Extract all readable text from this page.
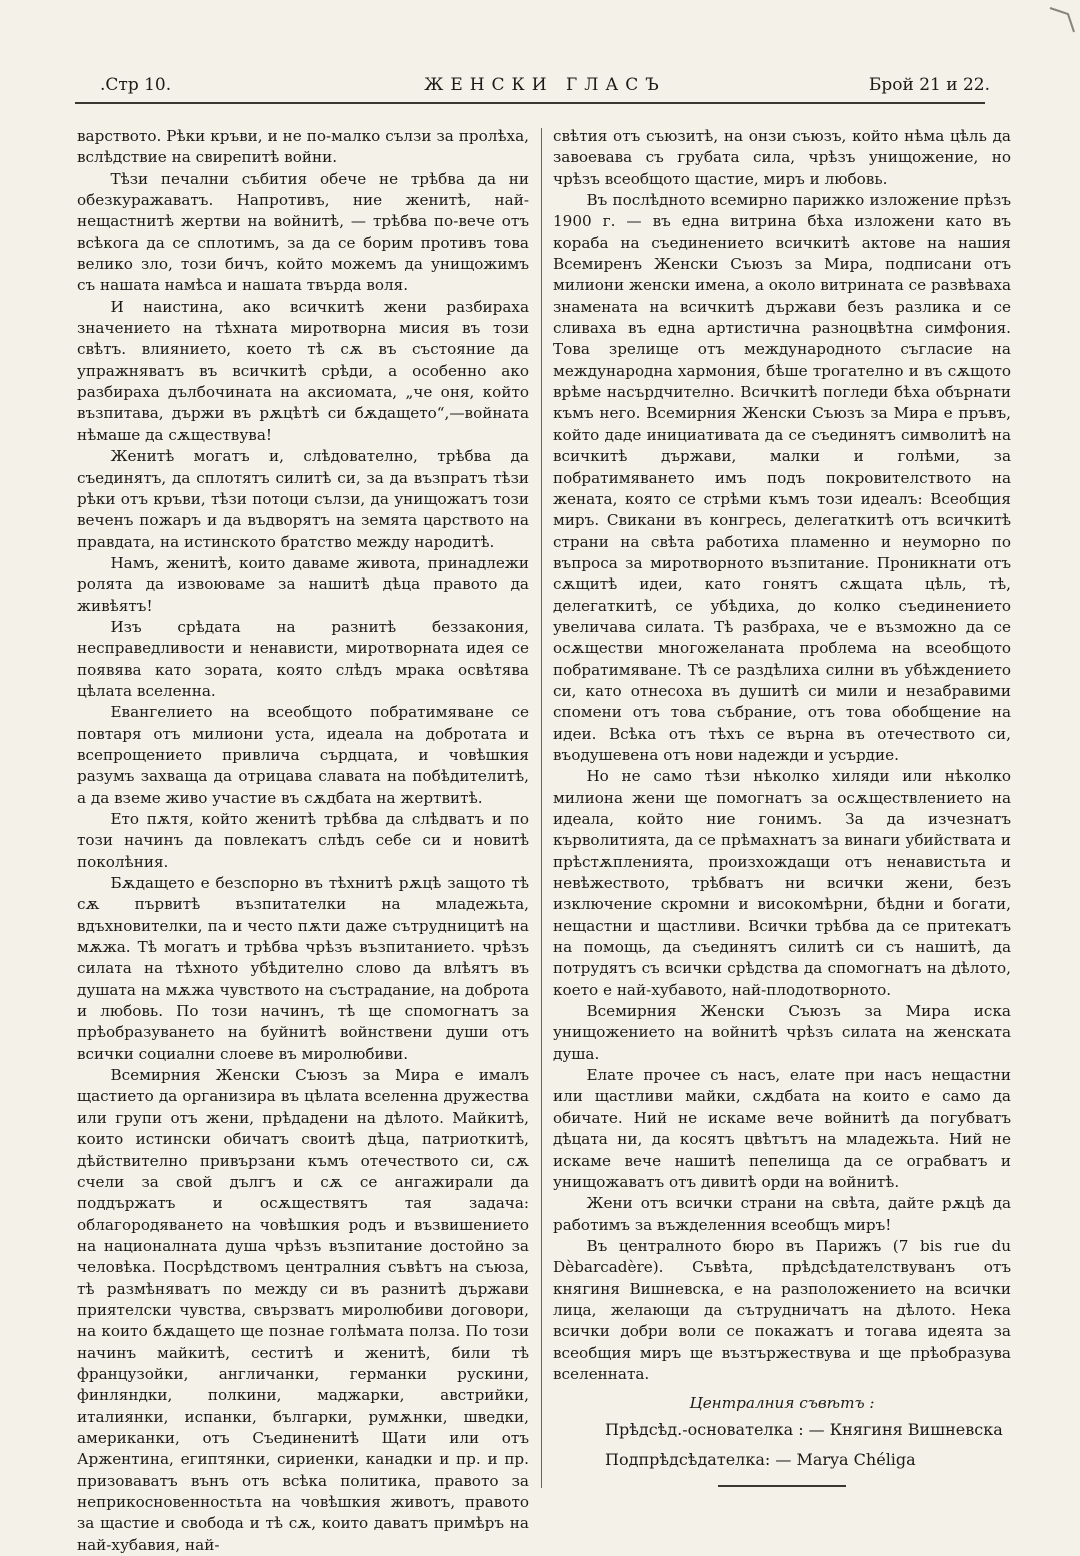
.Стр 10.	ЖЕНСКИ ГЛАСЪ	Брой 21 и 22.

варството. Рѣки кръви, и не по-малко сълзи за пролѣха, вслѣдствие на свирепитѣ войни.

Тѣзи печални събития обече не трѣбва да ни обезкуражаватъ. Напротивъ, ние женитѣ, най-нещастнитѣ жертви на войнитѣ, — трѣбва по-вече отъ всѣкога да се сплотимъ, за да се борим противъ това велико зло, този бичъ, който можемъ да унищожимъ съ нашата намѣса и нашата твърда воля.

И наистина, ако всичкитѣ жени разбираха значението на тѣхната миротворна мисия въ този свѣтъ. влиянието, което тѣ сѫ въ състояние да упражняватъ въ всичкитѣ срѣди, а особенно ако разбираха дълбочината на аксиомата, „че оня, който възпитава, държи въ рѫцѣтѣ си бѫдащето“,—войната нѣмаше да сѫществува!

Женитѣ могатъ и, слѣдователно, трѣбва да съединятъ, да сплотятъ силитѣ си, за да възпратъ тѣзи рѣки отъ кръви, тѣзи потоци сълзи, да унищожатъ този веченъ пожаръ и да въдворятъ на земята царството на правдата, на истинското братство между народитѣ.

Намъ, женитѣ, които даваме живота, принадлежи ролята да извоюваме за нашитѣ дѣца правото да живѣятъ!

Изъ срѣдата на разнитѣ беззакония, несправедливости и ненависти, миротворната идея се появява като зората, която слѣдъ мрака освѣтява цѣлата вселенна.

Евангелието на всеобщото побратимяване се повтаря отъ милиони уста, идеала на добротата и всепрощението привлича сърдцата, и човѣшкия разумъ захваща да отрицава славата на побѣдителитѣ, а да вземе живо участие въ сѫдбата на жертвитѣ.

Ето пѫтя, който женитѣ трѣбва да слѣдватъ и по този начинъ да повлекатъ слѣдъ себе си и новитѣ поколѣния.

Бѫдащето е безспорно въ тѣхнитѣ рѫцѣ защото тѣ сѫ първитѣ възпитателки на младежьта, вдъхновителки, па и често пѫти даже сътрудницитѣ на мѫжа. Тѣ могатъ и трѣбва чрѣзъ възпитанието. чрѣзъ силата на тѣхното убѣдително слово да влѣятъ въ душата на мѫжа чувството на състрадание, на доброта и любовь. По този начинъ, тѣ ще спомогнатъ за прѣобразуването на буйнитѣ войнствени души отъ всички социални слоеве въ миролюбиви.

Всемирния Женски Съюзъ за Мира е ималъ щастието да организира въ цѣлата вселенна дружества или групи отъ жени, прѣдадени на дѣлото. Майкитѣ, които истински обичатъ своитѣ дѣца, патриоткитѣ, дѣйствително привързани къмъ отечеството си, сѫ счели за свой дългъ и сѫ се ангажирали да поддържатъ и осѫществятъ тая задача: облагородяването на човѣшкия родъ и възвишението на националната душа чрѣзъ възпитание достойно за человѣка. Посрѣдствомъ централния съвѣтъ на съюза, тѣ размѣняватъ по между си въ разнитѣ държави приятелски чувства, свързватъ миролюбиви договори, на които бѫдащето ще познае голѣмата полза. По този начинъ майкитѣ, сеститѣ и женитѣ, били тѣ французойки, англичанки, германки рускини, финляндки, полкини, маджарки, австрийки, италиянки, испанки, българки, румѫнки, шведки, американки, отъ Съединенитѣ Щати или отъ Аржентина, египтянки, сириенки, канадки и пр. и пр. призоваватъ вънъ отъ всѣка политика, правото за неприкосновенностьта на човѣшкия животъ, правото за щастие и свобода и тѣ сѫ, които даватъ примѣръ на най-хубавия, най-

свѣтия отъ съюзитѣ, на онзи съюзъ, който нѣма цѣль да завоевава съ грубата сила, чрѣзъ унищожение, но чрѣзъ всеобщото щастие, миръ и любовь.

Въ послѣдното всемирно парижко изложение прѣзъ 1900 г. — въ една витрина бѣха изложени като въ кораба на съединението всичкитѣ актове на нашия Всемиренъ Женски Съюзъ за Мира, подписани отъ милиони женски имена, а около витрината се развѣваха знамената на всичкитѣ държави безъ разлика и се сливаха въ една артистична разноцвѣтна симфония. Това зрелище отъ международното съгласие на международна хармония, бѣше трогателно и въ сѫщото врѣме насърдчително. Всичкитѣ погледи бѣха обърнати къмъ него. Всемирния Женски Съюзъ за Мира е пръвъ, който даде инициативата да се съединятъ символитѣ на всичкитѣ държави, малки и голѣми, за побратимяването имъ подъ покровителството на жената, която се стрѣми къмъ този идеалъ: Всеобщия миръ. Свикани въ конгресь, делегаткитѣ отъ всичкитѣ страни на свѣта работиха пламенно и неуморно по въпроса за миротворното възпитание. Проникнати отъ сѫщитѣ идеи, като гонятъ сѫщата цѣль, тѣ, делегаткитѣ, се убѣдиха, до колко съединението увеличава силата. Тѣ разбраха, че е възможно да се осѫществи многожеланата проблема на всеобщото побратимяване. Тѣ се раздѣлиха силни въ убѣждението си, като отнесоха въ душитѣ си мили и незабравими спомени отъ това събрание, отъ това обобщение на идеи. Всѣка отъ тѣхъ се върна въ отечеството си, въодушевена отъ нови надежди и усърдие.

Но не само тѣзи нѣколко хиляди или нѣколко милиона жени ще помогнатъ за осѫществлението на идеала, който ние гонимъ. За да изчезнатъ кърволитията, да се прѣмахнатъ за винаги убийствата и прѣстѫпленията, произхождащи отъ ненавистьта и невѣжеството, трѣбватъ ни всички жени, безъ изключение скромни и високомѣрни, бѣдни и богати, нещастни и щастливи. Всички трѣбва да се притекатъ на помощь, да съединятъ силитѣ си съ нашитѣ, да потрудятъ съ всички срѣдства да спомогнатъ на дѣлото, което е най-хубавото, най-плодотворното.

Всемирния Женски Съюзъ за Мира иска унищожението на войнитѣ чрѣзъ силата на женската душа.

Елате прочее съ насъ, елате при насъ нещастни или щастливи майки, сѫдбата на които е само да обичате. Ний не искаме вече войнитѣ да погубватъ дѣцата ни, да косятъ цвѣтътъ на младежьта. Ний не искаме вече нашитѣ пепелища да се ограбватъ и унищожаватъ отъ дивитѣ орди на войнитѣ.

Жени отъ всички страни на свѣта, дайте рѫцѣ да работимъ за въжделенния всеобщъ миръ!

Въ централното бюро въ Парижъ (7 bis rue du Dèbarcadère). Съвѣта, прѣдсѣдателствуванъ отъ княгиня Вишневска, е на разположението на всички лица, желающи да сътрудничатъ на дѣлото. Нека всички добри воли се покажатъ и тогава идеята за всеобщия миръ ще възтържествува и ще прѣобразува вселенната.

Централния съвѣтъ :
Прѣдсѣд.-основателка : — Княгиня Вишневска
Подпрѣдсѣдателка: — Marya Chéliga
